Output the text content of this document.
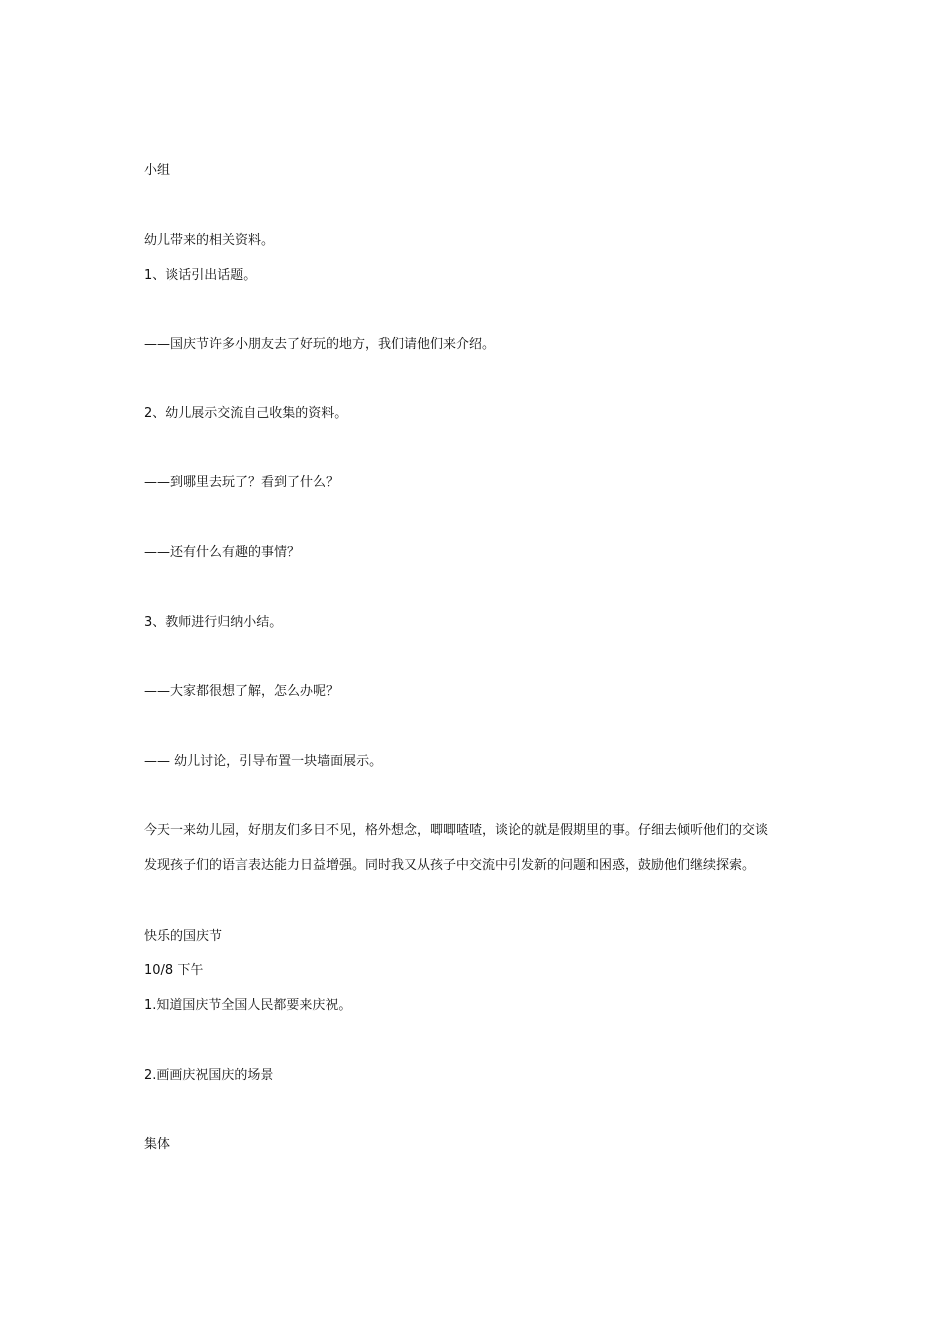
小组
幼儿带来的相关资料。
1、谈话引出话题。
——国庆节许多小朋友去了好玩的地方，我们请他们来介绍。
2、幼儿展示交流自己收集的资料。
——到哪里去玩了？看到了什么？
——还有什么有趣的事情？
3、教师进行归纳小结。
——大家都很想了解，怎么办呢？
—— 幼儿讨论，引导布置一块墙面展示。

今天一来幼儿园，好朋友们多日不见，格外想念，唧唧喳喳，谈论的就是假期里的事。仔细去倾听他们的交谈

发现孩子们的语言表达能力日益增强。同时我又从孩子中交流中引发新的问题和困惑，鼓励他们继续探索。

快乐的国庆节
10/8 下午
1.知道国庆节全国人民都要来庆祝。
2.画画庆祝国庆的场景
集体
